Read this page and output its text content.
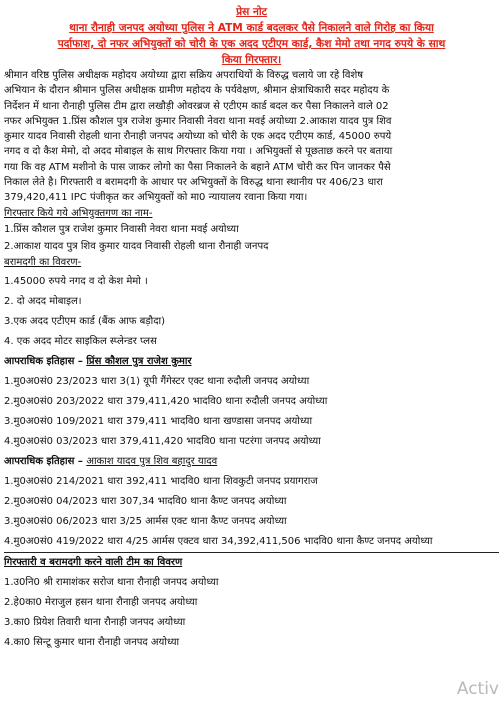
प्रेस नोट
थाना रौनाही जनपद अयोध्या पुलिस ने ATM कार्ड बदलकर पैसे निकालने वाले गिरोह का किया
पर्दाफाश, दो नफर अभियुक्तों को चोरी के एक अदद एटीएम कार्ड, कैश मेमो तथा नगद रुपये के साथ
किया गिरफ्तार।
श्रीमान वरिष्ठ पुलिस अधीक्षक महोदय अयोध्या द्वारा सक्रिय अपराधियों के विरुद्ध चलाये जा रहे विशेष
अभियान के दौरान श्रीमान पुलिस अधीक्षक ग्रामीण महोदय के पर्यवेक्षण, श्रीमान क्षेत्राधिकारी सदर महोदय के
निर्देशन में थाना रौनाही पुलिस टीम द्वारा लखौड़ी ओवरब्रज से एटीएम कार्ड बदल कर पैसा निकालने वाले 02
नफर अभियुक्त 1.प्रिंस कौशल पुत्र राजेश कुमार निवासी नेवरा थाना मवई अयोध्या 2.आकाश यादव पुत्र शिव
कुमार यादव निवासी रोहली थाना रौनाही जनपद अयोध्या को चोरी के एक अदद एटीएम कार्ड, 45000 रुपये
नगद व दो कैश मेमो, दो अदद मोबाइल के साथ गिरफ्तार किया गया । अभियुक्तों से पूछताछ करने पर बताया
गया कि वह ATM मशीनो के पास जाकर लोगो का पैसा निकालने के बहाने ATM चोरी कर पिन जानकर पैसे
निकाल लेते है। गिरफ्तारी व बरामदगी के आधार पर अभियुक्तों के विरुद्ध थाना स्थानीय पर 406/23 धारा
379,420,411 IPC पंजीकृत कर अभियुक्तों को मा0 न्यायालय रवाना किया गया।
गिरफ्तार किये गये अभियुक्तगण का नाम-
1.प्रिंस कौशल पुत्र राजेश कुमार निवासी नेवरा थाना मवई अयोध्या
2.आकाश यादव पुत्र शिव कुमार यादव निवासी रोहली थाना रौनाही जनपद
बरामदगी का विवरण-
1.45000 रुपये नगद व दो केश मेमो ।
2. दो अदद मोबाइल।
3.एक अदद एटीएम कार्ड (बैंक आफ बड़ौदा)
4. एक अदद मोटर साइकिल स्प्लेन्डर प्लस
आपराधिक इतिहास – प्रिंस कौशल पुत्र राजेश कुमार
1.मु0अ0सं0 23/2023 धारा 3(1) यूपी गैंगेस्टर एक्ट थाना रुदौली जनपद अयोध्या
2.मु0अ0सं0 203/2022 धारा 379,411,420 भादवि0 थाना रुदौली जनपद अयोध्या
3.मु0अ0सं0 109/2021 धारा 379,411 भादवि0 थाना खण्डासा जनपद अयोध्या
4.मु0अ0सं0 03/2023 धारा 379,411,420 भादवि0 थाना पटरंगा जनपद अयोध्या
आपराधिक इतिहास – आकाश यादव पुत्र शिव बहादुर यादव
1.मु0अ0सं0 214/2021 धारा 392,411 भादवि0 थाना शिवकुटी जनपद प्रयागराज
2.मु0अ0सं0 04/2023 धारा 307,34 भादवि0 थाना कैण्ट जनपद अयोध्या
3.मु0अ0सं0 06/2023 धारा 3/25 आर्मस एक्ट थाना कैण्ट जनपद अयोध्या
4.मु0अ0सं0 419/2022 धारा 4/25 आर्मस एक्टव धारा 34,392,411,506 भादवि0 थाना कैण्ट जनपद अयोध्या
गिरफ्तारी व बरामदगी करने वाली टीम का विवरण
1.उ0नि0 श्री रामाशंकर सरोज थाना रौनाही जनपद अयोध्या
2.हे0का0 मेराजुल हसन थाना रौनाही जनपद अयोध्या
3.का0 प्रियेश तिवारी थाना रौनाही जनपद अयोध्या
4.का0 सिन्टू कुमार थाना रौनाही जनपद अयोध्या
Activ
